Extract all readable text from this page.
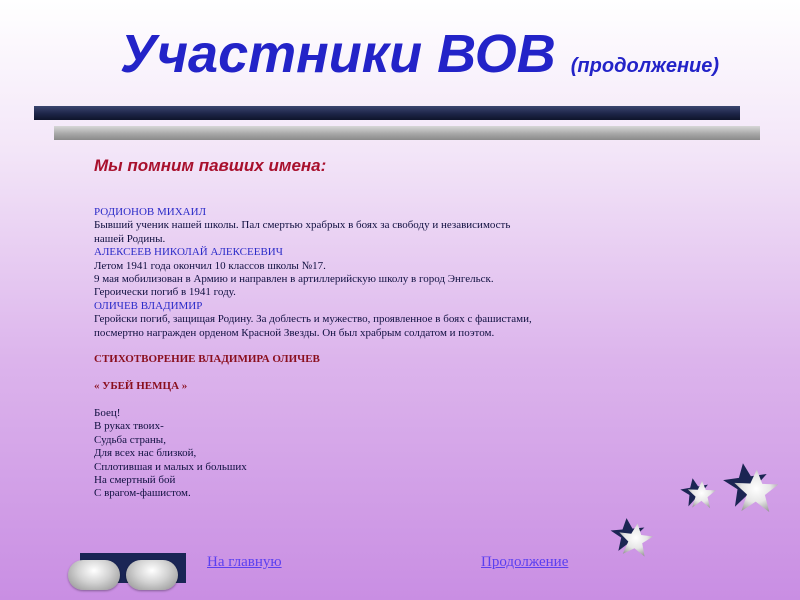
Участники ВОВ (продолжение)
Мы помним павших имена:
РОДИОНОВ МИХАИЛ
Бывший ученик нашей школы. Пал смертью храбрых в боях за свободу и независимость
нашей Родины.
АЛЕКСЕЕВ НИКОЛАЙ АЛЕКСЕЕВИЧ
Летом 1941 года окончил 10 классов школы №17.
9 мая мобилизован в Армию и направлен в артиллерийскую школу в город Энгельск.
Героически погиб в 1941 году.
ОЛИЧЕВ ВЛАДИМИР
Геройски погиб, защищая Родину. За доблесть и мужество, проявленное в боях с фашистами,
посмертно награжден орденом Красной Звезды. Он был храбрым солдатом и поэтом.
СТИХОТВОРЕНИЕ ВЛАДИМИРА ОЛИЧЕВ
« УБЕЙ НЕМЦА »
Боец!
В руках твоих-
Судьба страны,
Для всех нас близкой,
Сплотившая и малых и больших
На смертный бой
С врагом-фашистом.
На главную	Продолжение
